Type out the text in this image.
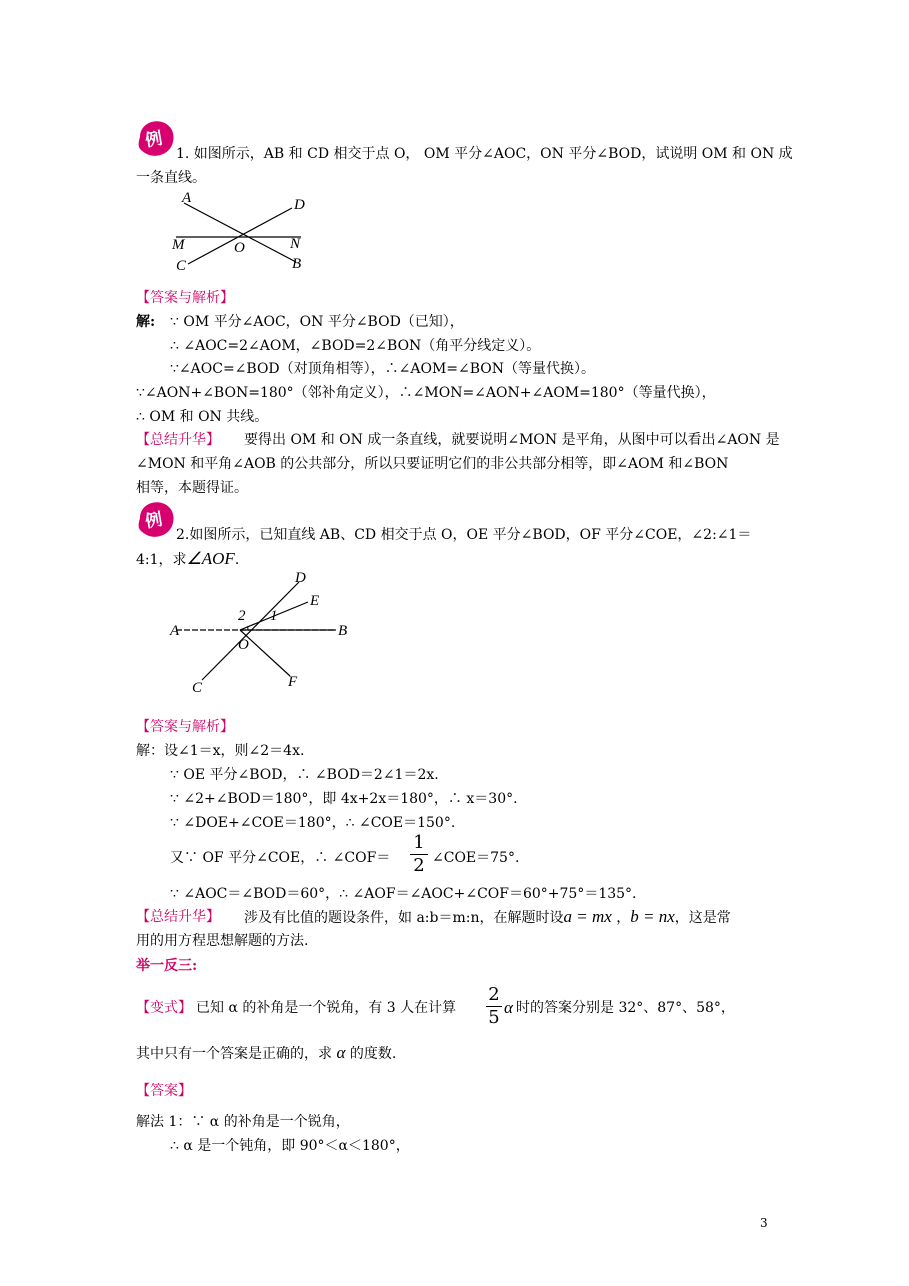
例
1. 如图所示，AB 和 CD 相交于点 O， OM 平分∠AOC，ON 平分∠BOD，试说明 OM 和 ON 成
一条直线。
A	D
M	O	N
C	B
【答案与解析】
解: ∵ OM 平分∠AOC，ON 平分∠BOD（已知），
∴ ∠AOC=2∠AOM，∠BOD=2∠BON（角平分线定义）。
∵∠AOC=∠BOD（对顶角相等），∴∠AOM=∠BON（等量代换）。
∵∠AON+∠BON=180°（邻补角定义），∴∠MON=∠AON+∠AOM=180°（等量代换），
∴ OM 和 ON 共线。
【总结升华】 要得出 OM 和 ON 成一条直线，就要说明∠MON 是平角，从图中可以看出∠AON 是
∠MON 和平角∠AOB 的公共部分，所以只要证明它们的非公共部分相等，即∠AOM 和∠BON
相等，本题得证。
例
2.如图所示，已知直线 AB、CD 相交于点 O，OE 平分∠BOD，OF 平分∠COE，∠2:∠1＝
4:1，求∠AOF.
D
E
2 1
A	B
O
C	F
【答案与解析】
解：设∠1＝x，则∠2＝4x.
∵ OE 平分∠BOD，∴ ∠BOD＝2∠1＝2x.
∵ ∠2+∠BOD＝180°，即 4x+2x＝180°，∴ x＝30°.
∵ ∠DOE+∠COE＝180°，∴ ∠COE＝150°.
又∵ OF 平分∠COE，∴ ∠COF＝ $\frac{1}{2}$ ∠COE＝75°.
∵ ∠AOC＝∠BOD＝60°，∴ ∠AOF＝∠AOC+∠COF＝60°+75°＝135°.
【总结升华】 涉及有比值的题设条件，如 a:b＝m:n，在解题时设a = mx ，b = nx，这是常
用的用方程思想解题的方法.
举一反三:
【变式】 已知 α 的补角是一个锐角，有 3 人在计算 $\frac{2}{5}$ α 时的答案分别是 32°、87°、58°，
其中只有一个答案是正确的，求 α 的度数.
【答案】
解法 1：∵ α 的补角是一个锐角，
∴ α 是一个钝角，即 90°＜α＜180°，
3
